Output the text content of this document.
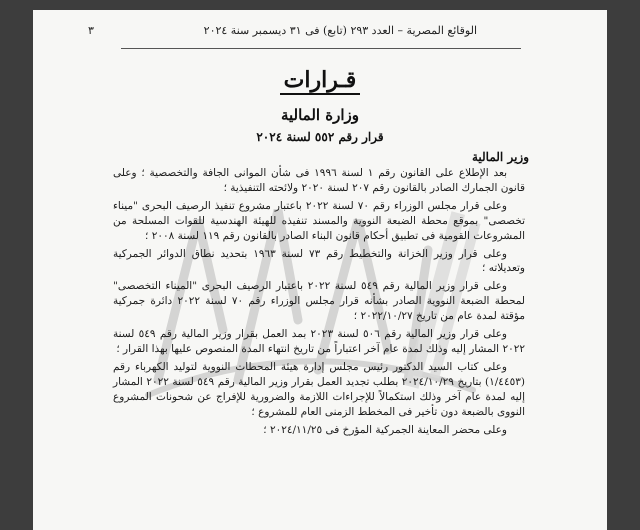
الوقائع المصرية – العدد ٢٩٣ (تابع) فى ٣١ ديسمبر سنة ٢٠٢٤
٣
قـرارات
وزارة المالية
قرار رقم ٥٥٢ لسنة ٢٠٢٤
وزير المالية

بعد الإطلاع على القانون رقم ١ لسنة ١٩٩٦ فى شأن الموانى الجافة والتخصصية ؛ وعلى قانون الجمارك الصادر بالقانون رقم ٢٠٧ لسنة ٢٠٢٠ ولائحته التنفيذية ؛

وعلى قرار مجلس الوزراء رقم ٧٠ لسنة ٢٠٢٢ باعتبار مشروع تنفيذ الرصيف البحرى "ميناء تخصصى" بموقع محطة الضبعة النووية والمسند تنفيذه للهيئة الهندسية للقوات المسلحة من المشروعات القومية فى تطبيق أحكام قانون البناء الصادر بالقانون رقم ١١٩ لسنة ٢٠٠٨ ؛

وعلى قرار وزير الخزانة والتخطيط رقم ٧٣ لسنة ١٩٦٣ بتحديد نطاق الدوائر الجمركية وتعديلاته ؛

وعلى قرار وزير المالية رقم ٥٤٩ لسنة ٢٠٢٢ باعتبار الرصيف البحرى "الميناء التخصصى" لمحطة الضبعة النووية الصادر بشأنه قرار مجلس الوزراء رقم ٧٠ لسنة ٢٠٢٢ دائرة جمركية مؤقتة لمدة عام من تاريخ ٢٠٢٢/١٠/٢٧ ؛

وعلى قرار وزير المالية رقم ٥٠٦ لسنة ٢٠٢٣ بمد العمل بقرار وزير المالية رقم ٥٤٩ لسنة ٢٠٢٢ المشار إليه وذلك لمدة عام آخر اعتباراً من تاريخ انتهاء المدة المنصوص عليها بهذا القرار ؛

وعلى كتاب السيد الدكتور رئيس مجلس إدارة هيئة المحطات النووية لتوليد الكهرباء رقم (١/٤٤٥٣) بتاريخ ٢٠٢٤/١٠/٢٩ بطلب تجديد العمل بقرار وزير المالية رقم ٥٤٩ لسنة ٢٠٢٢ المشار إليه لمدة عام آخر وذلك استكمالاً للإجراءات اللازمة والضرورية للإفراج عن شحونات المشروع النووى بالضبعة دون تأخير فى المخطط الزمنى العام للمشروع ؛

وعلى محضر المعاينة الجمركية المؤرخ فى ٢٠٢٤/١١/٢٥ ؛
